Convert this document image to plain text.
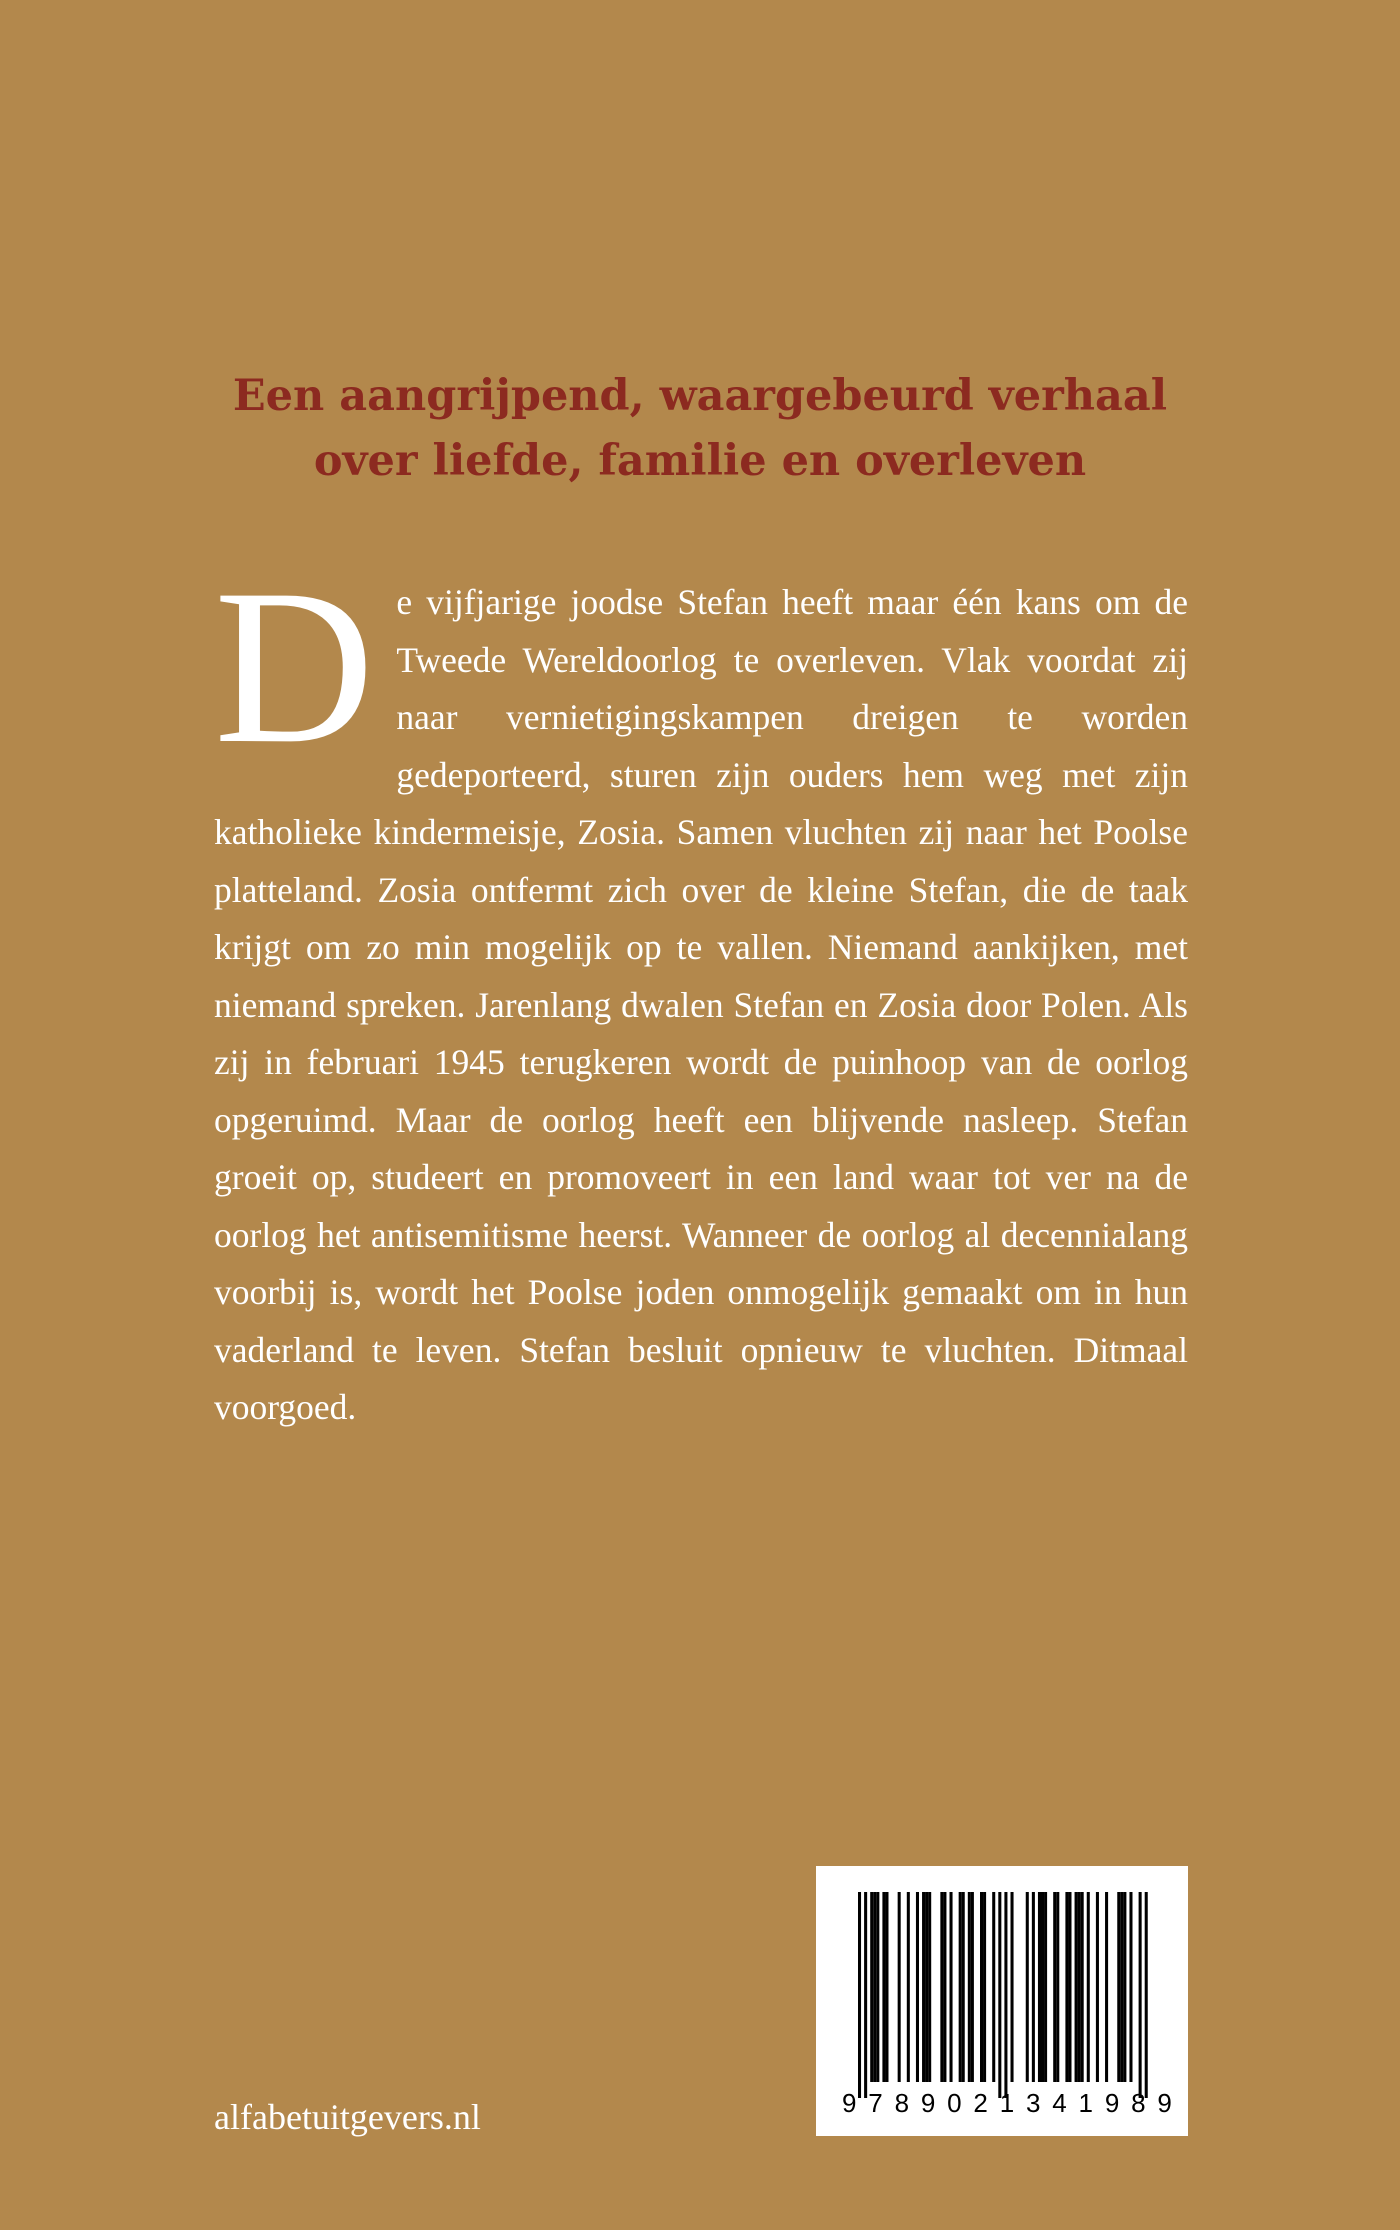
Een aangrijpend, waargebeurd verhaal
over liefde, familie en overleven
De vijfjarige joodse Stefan heeft maar één kans om de Tweede Wereldoorlog te overleven. Vlak voordat zij naar vernietigingskampen dreigen te worden gedeporteerd, sturen zijn ouders hem weg met zijn katholieke kindermeisje, Zosia. Samen vluchten zij naar het Poolse platteland. Zosia ontfermt zich over de kleine Stefan, die de taak krijgt om zo min mogelijk op te vallen. Niemand aankijken, met niemand spreken. Jarenlang dwalen Stefan en Zosia door Polen. Als zij in februari 1945 terugkeren wordt de puinhoop van de oorlog opgeruimd. Maar de oorlog heeft een blijvende nasleep. Stefan groeit op, studeert en promoveert in een land waar tot ver na de oorlog het antisemitisme heerst. Wanneer de oorlog al decennialang voorbij is, wordt het Poolse joden onmogelijk gemaakt om in hun vaderland te leven. Stefan besluit opnieuw te vluchten. Ditmaal voorgoed.
alfabetuitgevers.nl	9 7 8 9 0 2 1 3 4 1 9 8 9
